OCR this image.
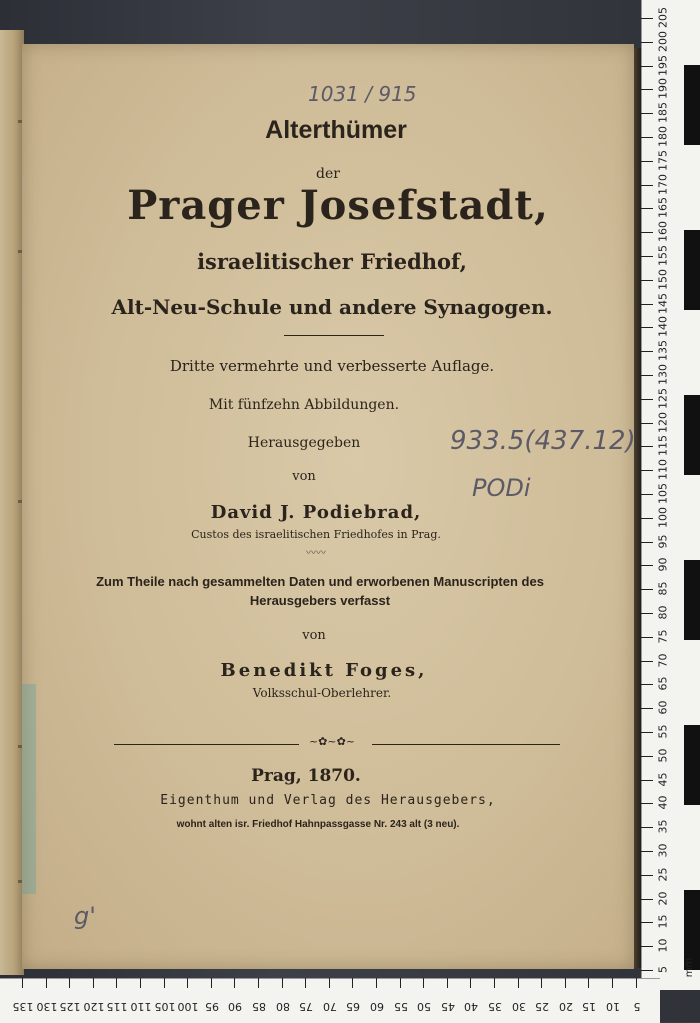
1031 / 915
Alterthümer
der
Prager Josefstadt,
israelitischer Friedhof,
Alt-Neu-Schule und andere Synagogen.
Dritte vermehrte und verbesserte Auflage.
Mit fünfzehn Abbildungen.
Herausgegeben	933.5(437.12)
von	PODi
David J. Podiebrad,
Custos des israelitischen Friedhofes in Prag.
〰〰
Zum Theile nach gesammelten Daten und erworbenen Manuscripten des
Herausgebers verfasst
von
Benedikt Foges,
Volksschul-Oberlehrer.
~✿~✿~
Prag, 1870.
Eigenthum und Verlag des Herausgebers,
wohnt alten isr. Friedhof Hahnpassgasse Nr. 243 alt (3 neu).
g'
205
200
195
190
185
180
175
170
165
160
155
150
145
140
135
130
125
120
115
110
105
100
95
90
85
80
75
70
65
60
55
50
45
40
35
30
25
20
15
10
5
135 130 125 120 115 110 105 100 95 90 85 80 75 70 65 60 55 50 45 40 35 30 25 20 15 10	5
mm
